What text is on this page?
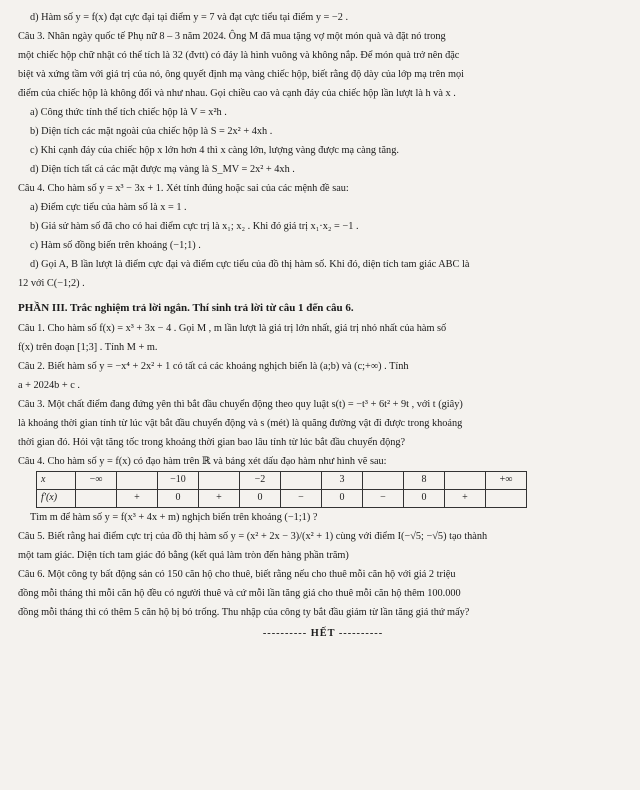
d) Hàm số y = f(x) đạt cực đại tại điểm y = 7 và đạt cực tiểu tại điểm y = −2 .

Câu 3. Nhân ngày quốc tế Phụ nữ 8 – 3 năm 2024. Ông M đã mua tặng vợ một món quà và đặt nó trong

một chiếc hộp chữ nhật có thể tích là 32 (đvtt) có đáy là hình vuông và không nắp. Để món quà trở nên đặc

biệt và xứng tầm với giá trị của nó, ông quyết định mạ vàng chiếc hộp, biết rằng độ dày của lớp mạ trên mọi

điểm của chiếc hộp là không đổi và như nhau. Gọi chiều cao và cạnh đáy của chiếc hộp lần lượt là h và x .

a) Công thức tính thể tích chiếc hộp là V = x²h .

b) Diện tích các mặt ngoài của chiếc hộp là S = 2x² + 4xh .

c) Khi cạnh đáy của chiếc hộp x lớn hơn 4 thì x càng lớn, lượng vàng được mạ càng tăng.

d) Diện tích tất cả các mặt được mạ vàng là S_MV = 2x² + 4xh .

Câu 4. Cho hàm số y = x³ − 3x + 1. Xét tính đúng hoặc sai của các mệnh đề sau:

a) Điểm cực tiểu của hàm số là x = 1 .

b) Giả sử hàm số đã cho có hai điểm cực trị là x₁; x₂ . Khi đó giá trị x₁·x₂ = −1 .

c) Hàm số đồng biến trên khoảng (−1;1) .

d) Gọi A, B lần lượt là điểm cực đại và điểm cực tiểu của đồ thị hàm số. Khi đó, diện tích tam giác ABC là

12 với C(−1;2) .

PHẦN III. Trắc nghiệm trả lời ngắn. Thí sinh trả lời từ câu 1 đến câu 6.

Câu 1. Cho hàm số f(x) = x³ + 3x − 4 . Gọi M , m lần lượt là giá trị lớn nhất, giá trị nhỏ nhất của hàm số

f(x) trên đoạn [1;3] . Tính M + m.

Câu 2. Biết hàm số y = −x⁴ + 2x² + 1 có tất cả các khoảng nghịch biến là (a;b) và (c;+∞) . Tính

a + 2024b + c .

Câu 3. Một chất điểm đang đứng yên thì bắt đầu chuyển động theo quy luật s(t) = −t³ + 6t² + 9t , với t (giây)

là khoảng thời gian tính từ lúc vật bắt đầu chuyển động và s (mét) là quãng đường vật đi được trong khoảng

thời gian đó. Hỏi vật tăng tốc trong khoảng thời gian bao lâu tính từ lúc bắt đầu chuyển động?

Câu 4. Cho hàm số y = f(x) có đạo hàm trên ℝ và bảng xét dấu đạo hàm như hình vẽ sau:

x	−∞		−10		−2		3		8		+∞
f′(x)		+	0	+	0	−	0	−	0	+	

Tìm m để hàm số y = f(x³ + 4x + m) nghịch biến trên khoảng (−1;1) ?

Câu 5. Biết rằng hai điểm cực trị của đồ thị hàm số y = (x² + 2x − 3)/(x² + 1) cùng với điểm I(−√5; −√5) tạo thành

một tam giác. Diện tích tam giác đó bằng (kết quả làm tròn đến hàng phần trăm)

Câu 6. Một công ty bất động sản có 150 căn hộ cho thuê, biết rằng nếu cho thuê mỗi căn hộ với giá 2 triệu

đồng mỗi tháng thì mỗi căn hộ đều có người thuê và cứ mỗi lần tăng giá cho thuê mỗi căn hộ thêm 100.000

đồng mỗi tháng thì có thêm 5 căn hộ bị bỏ trống. Thu nhập của công ty bắt đầu giảm từ lần tăng giá thứ mấy?

---------- HẾT ----------
